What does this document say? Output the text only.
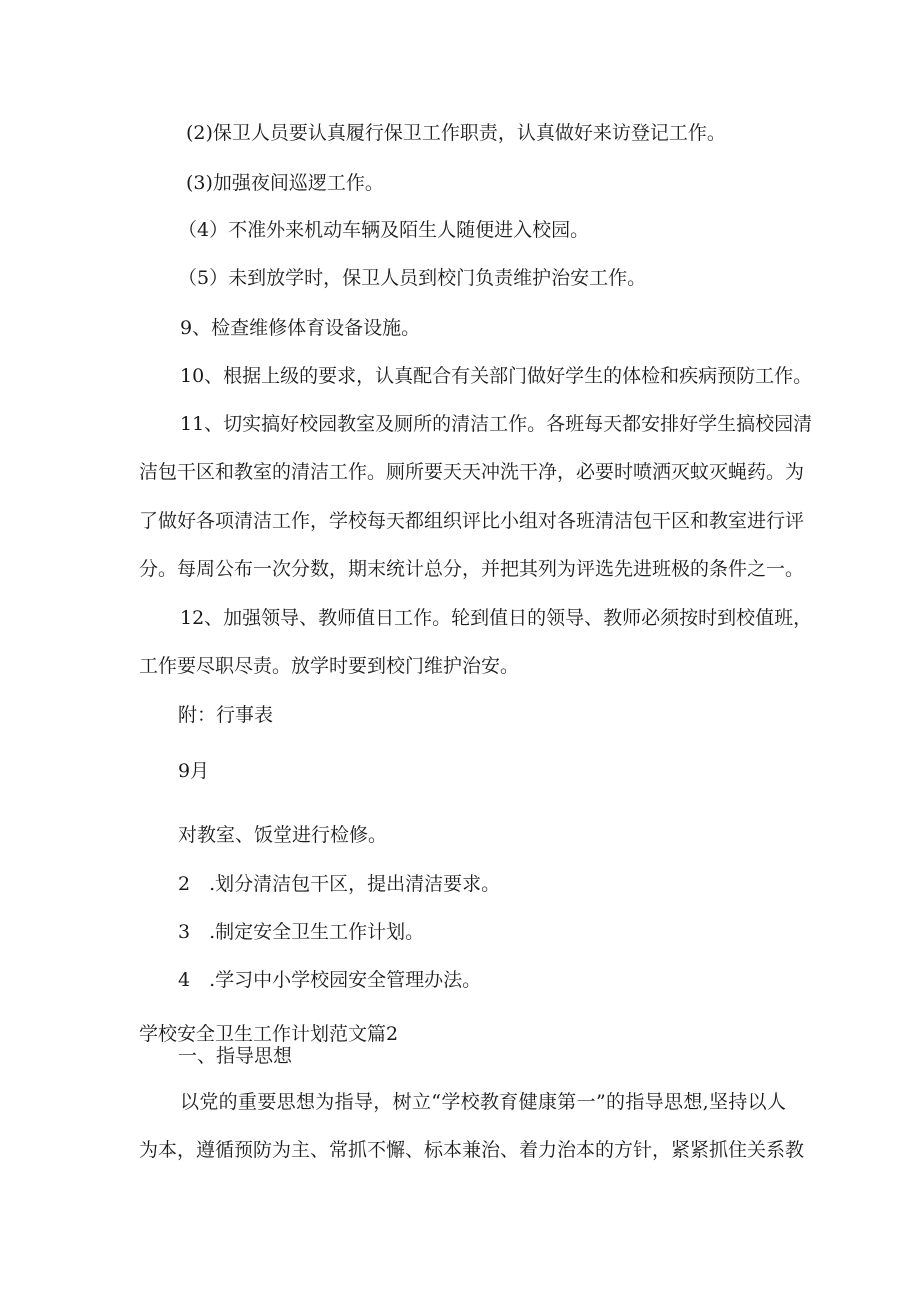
(2)保卫人员要认真履行保卫工作职责，认真做好来访登记工作。

(3)加强夜间巡逻工作。

（4）不准外来机动车辆及陌生人随便进入校园。

（5）未到放学时，保卫人员到校门负责维护治安工作。

9、检查维修体育设备设施。

10、根据上级的要求，认真配合有关部门做好学生的体检和疾病预防工作。

11、切实搞好校园教室及厕所的清洁工作。各班每天都安排好学生搞校园清

洁包干区和教室的清洁工作。厕所要天天冲洗干净，必要时喷洒灭蚊灭蝇药。为

了做好各项清洁工作，学校每天都组织评比小组对各班清洁包干区和教室进行评

分。每周公布一次分数，期末统计总分，并把其列为评选先进班极的条件之一。

12、加强领导、教师值日工作。轮到值日的领导、教师必须按时到校值班，

工作要尽职尽责。放学时要到校门维护治安。

附：行事表

9月

对教室、饭堂进行检修。

2　.划分清洁包干区，提出清洁要求。

3　.制定安全卫生工作计划。

4　.学习中小学校园安全管理办法。

学校安全卫生工作计划范文篇2

一、指导思想

以党的重要思想为指导，树立“学校教育健康第一”的指导思想,坚持以人

为本，遵循预防为主、常抓不懈、标本兼治、着力治本的方针，紧紧抓住关系教
